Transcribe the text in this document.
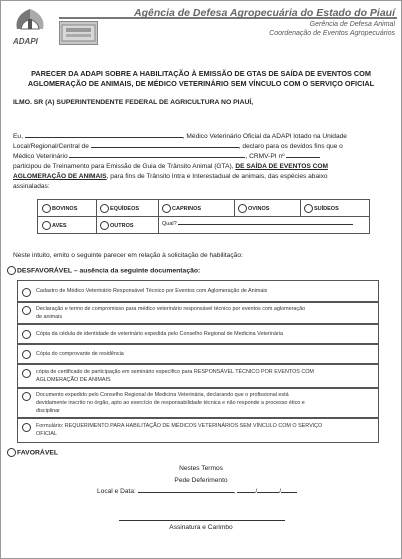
ADAPI
Agência de Defesa Agropecuária do Estado do Piauí
Gerência de Defesa Animal
Coordenação de Eventos Agropecuários
PARECER DA ADAPI SOBRE A HABILITAÇÃO À EMISSÃO DE GTAS DE SAÍDA DE EVENTOS COM
AGLOMERAÇÃO DE ANIMAIS, DE MÉDICO VETERINÁRIO SEM VÍNCULO COM O SERVIÇO OFICIAL
ILMO. SR (A) SUPERINTENDENTE FEDERAL DE AGRICULTURA NO PIAUÍ,
Eu,	, Médico Veterinário Oficial da ADAPI lotado na Unidade
Local/Regional/Central de	, declaro para os devidos fins que o
Médico Veterinário	, CRMV-PI nº
participou de Treinamento para Emissão de Guia de Trânsito Animal (GTA), DE SAÍDA DE EVENTOS COM
AGLOMERAÇÃO DE ANIMAIS, para fins de Trânsito Intra e Interestadual de animais, das espécies abaixo
assinaladas:
BOVINOS	EQUÍDEOS	CAPRINOS	OVINOS	SUÍDEOS
AVES	OUTROS	Qual?
Neste intuito, emito o seguinte parecer em relação à solicitação de habilitação:
DESFAVORÁVEL – ausência da seguinte documentação:
Cadastro de Médico Veterinário Responsável Técnico por Eventos com Aglomeração de Animais
Declaração e termo de compromisso para médico veterinário responsável técnico por eventos com aglomeração
de animais
Cópia da cédula de identidade de veterinário expedida pelo Conselho Regional de Medicina Veterinária
Cópia do comprovante de residência
cópia de certificado de participação em seminário específico para RESPONSÁVEL TÉCNICO POR EVENTOS COM
AGLOMERAÇÃO DE ANIMAIS
Documento expedido pelo Conselho Regional de Medicina Veterinária, declarando que o profissional está
devidamente inscrito no órgão, apto ao exercício de responsabilidade técnica e não responde a processo ético e
disciplinar
Formulário: REQUERIMENTO PARA HABILITAÇÃO DE MÉDICOS VETERINÁRIOS SEM VÍNCULO COM O SERVIÇO
OFICIAL
FAVORÁVEL
Nestes Termos
Pede Deferimento
Local e Data:	,	/	/
Assinatura e Carimbo
